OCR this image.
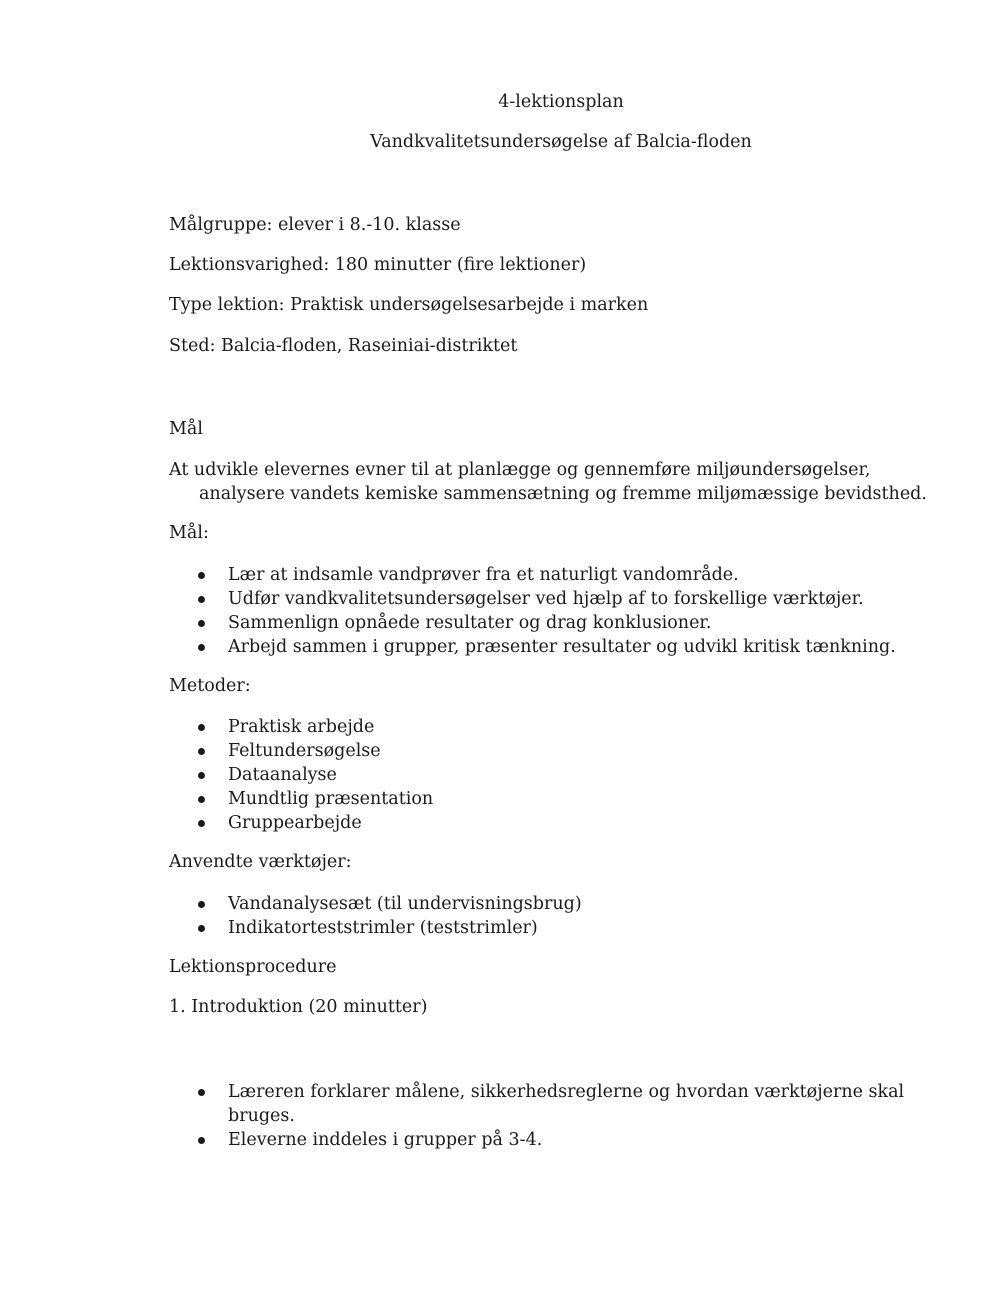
4-lektionsplan
Vandkvalitetsundersøgelse af Balcia-floden
Målgruppe: elever i 8.-10. klasse
Lektionsvarighed: 180 minutter (fire lektioner)
Type lektion: Praktisk undersøgelsesarbejde i marken
Sted: Balcia-floden, Raseiniai-distriktet
Mål
At udvikle elevernes evner til at planlægge og gennemføre miljøundersøgelser,
analysere vandets kemiske sammensætning og fremme miljømæssige bevidsthed.
Mål:
Lær at indsamle vandprøver fra et naturligt vandområde.
Udfør vandkvalitetsundersøgelser ved hjælp af to forskellige værktøjer.
Sammenlign opnåede resultater og drag konklusioner.
Arbejd sammen i grupper, præsenter resultater og udvikl kritisk tænkning.
Metoder:
Praktisk arbejde
Feltundersøgelse
Dataanalyse
Mundtlig præsentation
Gruppearbejde
Anvendte værktøjer:
Vandanalysesæt (til undervisningsbrug)
Indikatorteststrimler (teststrimler)
Lektionsprocedure
1. Introduktion (20 minutter)
Læreren forklarer målene, sikkerhedsreglerne og hvordan værktøjerne skal bruges.
Eleverne inddeles i grupper på 3-4.
